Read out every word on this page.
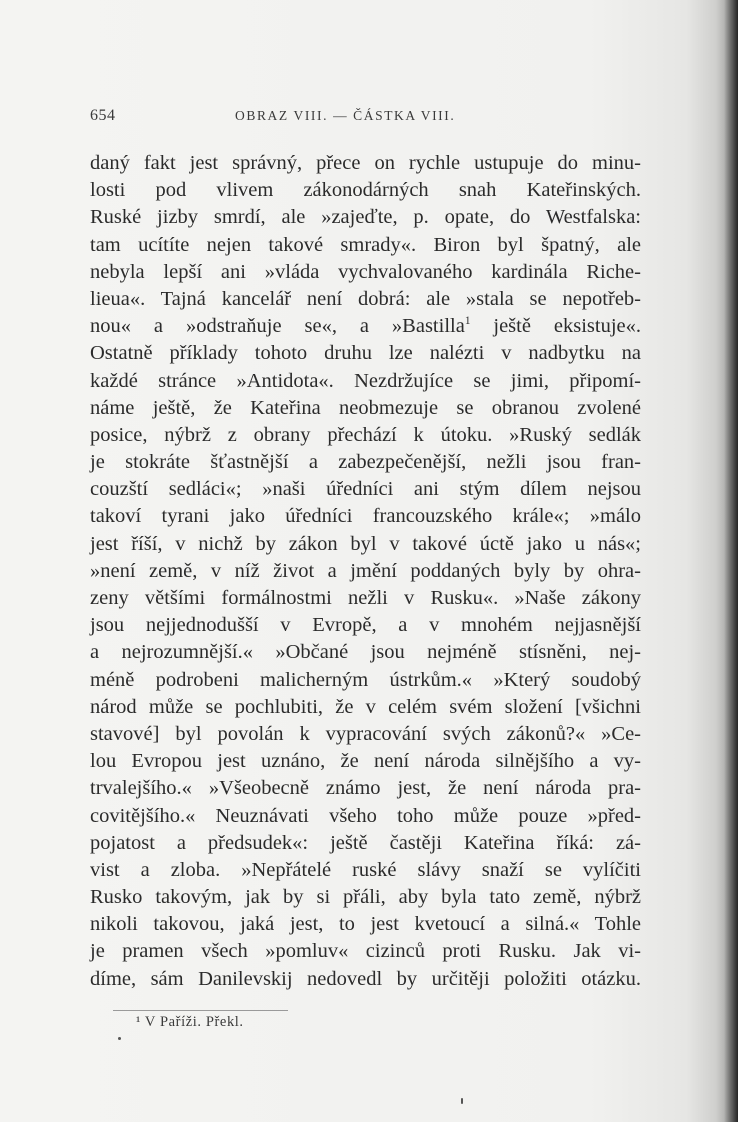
654	OBRAZ VIII. — ČÁSTKA VIII.
daný fakt jest správný, přece on rychle ustupuje do minu-
losti pod vlivem zákonodárných snah Kateřinských.
Ruské jizby smrdí, ale »zajeďte, p. opate, do Westfalska:
tam ucítíte nejen takové smrady«. Biron byl špatný, ale
nebyla lepší ani »vláda vychvalovaného kardinála Riche-
lieua«. Tajná kancelář není dobrá: ale »stala se nepotřeb-
nou« a »odstraňuje se«, a »Bastilla$^1$ ještě eksistuje«.
Ostatně příklady tohoto druhu lze nalézti v nadbytku na
každé stránce »Antidota«. Nezdržujíce se jimi, připomí-
náme ještě, že Kateřina neobmezuje se obranou zvolené
posice, nýbrž z obrany přechází k útoku. »Ruský sedlák
je stokráte šťastnější a zabezpečenější, nežli jsou fran-
couzští sedláci«; »naši úředníci ani stým dílem nejsou
takoví tyrani jako úředníci francouzského krále«; »málo
jest říší, v nichž by zákon byl v takové úctě jako u nás«;
»není země, v níž život a jmění poddaných byly by ohra-
zeny většími formálnostmi nežli v Rusku«. »Naše zákony
jsou nejjednodušší v Evropě, a v mnohém nejjasnější
a nejrozumnější.« »Občané jsou nejméně stísněni, nej-
méně podrobeni malicherným ústrkům.« »Který soudobý
národ může se pochlubiti, že v celém svém složení [všichni
stavové] byl povolán k vypracování svých zákonů?« »Ce-
lou Evropou jest uznáno, že není národa silnějšího a vy-
trvalejšího.« »Všeobecně známo jest, že není národa pra-
covitějšího.« Neuznávati všeho toho může pouze »před-
pojatost a předsudek«: ještě častěji Kateřina říká: zá-
vist a zloba. »Nepřátelé ruské slávy snaží se vylíčiti
Rusko takovým, jak by si přáli, aby byla tato země, nýbrž
nikoli takovou, jaká jest, to jest kvetoucí a silná.« Tohle
je pramen všech »pomluv« cizinců proti Rusku. Jak vi-
díme, sám Danilevskij nedovedl by určitěji položiti otázku.
¹ V Paříži. Překl.
